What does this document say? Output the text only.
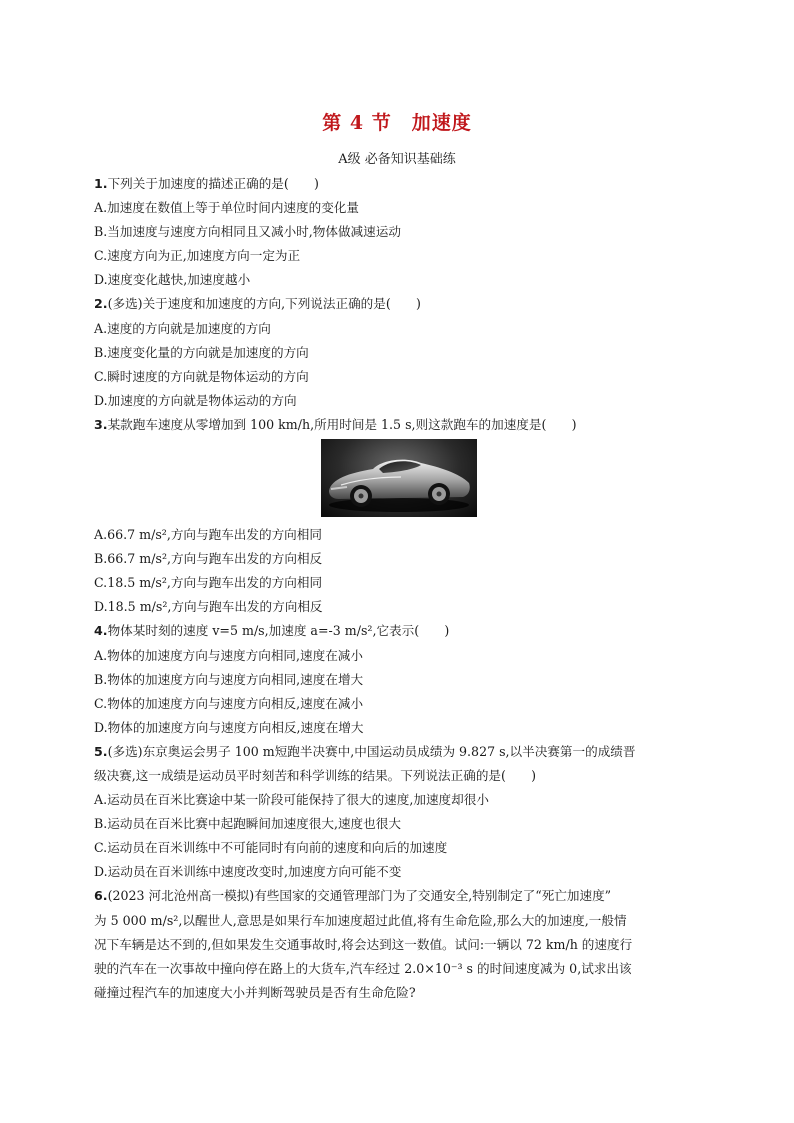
第 4 节　加速度
A级 必备知识基础练
1.下列关于加速度的描述正确的是(　　)
A.加速度在数值上等于单位时间内速度的变化量
B.当加速度与速度方向相同且又减小时,物体做减速运动
C.速度方向为正,加速度方向一定为正
D.速度变化越快,加速度越小
2.(多选)关于速度和加速度的方向,下列说法正确的是(　　)
A.速度的方向就是加速度的方向
B.速度变化量的方向就是加速度的方向
C.瞬时速度的方向就是物体运动的方向
D.加速度的方向就是物体运动的方向
3.某款跑车速度从零增加到 100 km/h,所用时间是 1.5 s,则这款跑车的加速度是(　　)
A.66.7 m/s²,方向与跑车出发的方向相同
B.66.7 m/s²,方向与跑车出发的方向相反
C.18.5 m/s²,方向与跑车出发的方向相同
D.18.5 m/s²,方向与跑车出发的方向相反
4.物体某时刻的速度 v=5 m/s,加速度 a=-3 m/s²,它表示(　　)
A.物体的加速度方向与速度方向相同,速度在减小
B.物体的加速度方向与速度方向相同,速度在增大
C.物体的加速度方向与速度方向相反,速度在减小
D.物体的加速度方向与速度方向相反,速度在增大
5.(多选)东京奥运会男子 100 m短跑半决赛中,中国运动员成绩为 9.827 s,以半决赛第一的成绩晋
级决赛,这一成绩是运动员平时刻苦和科学训练的结果。下列说法正确的是(　　)
A.运动员在百米比赛途中某一阶段可能保持了很大的速度,加速度却很小
B.运动员在百米比赛中起跑瞬间加速度很大,速度也很大
C.运动员在百米训练中不可能同时有向前的速度和向后的加速度
D.运动员在百米训练中速度改变时,加速度方向可能不变
6.(2023 河北沧州高一模拟)有些国家的交通管理部门为了交通安全,特别制定了“死亡加速度”
为 5 000 m/s²,以醒世人,意思是如果行车加速度超过此值,将有生命危险,那么大的加速度,一般情
况下车辆是达不到的,但如果发生交通事故时,将会达到这一数值。试问:一辆以 72 km/h 的速度行
驶的汽车在一次事故中撞向停在路上的大货车,汽车经过 2.0×10⁻³ s 的时间速度减为 0,试求出该
碰撞过程汽车的加速度大小并判断驾驶员是否有生命危险?
